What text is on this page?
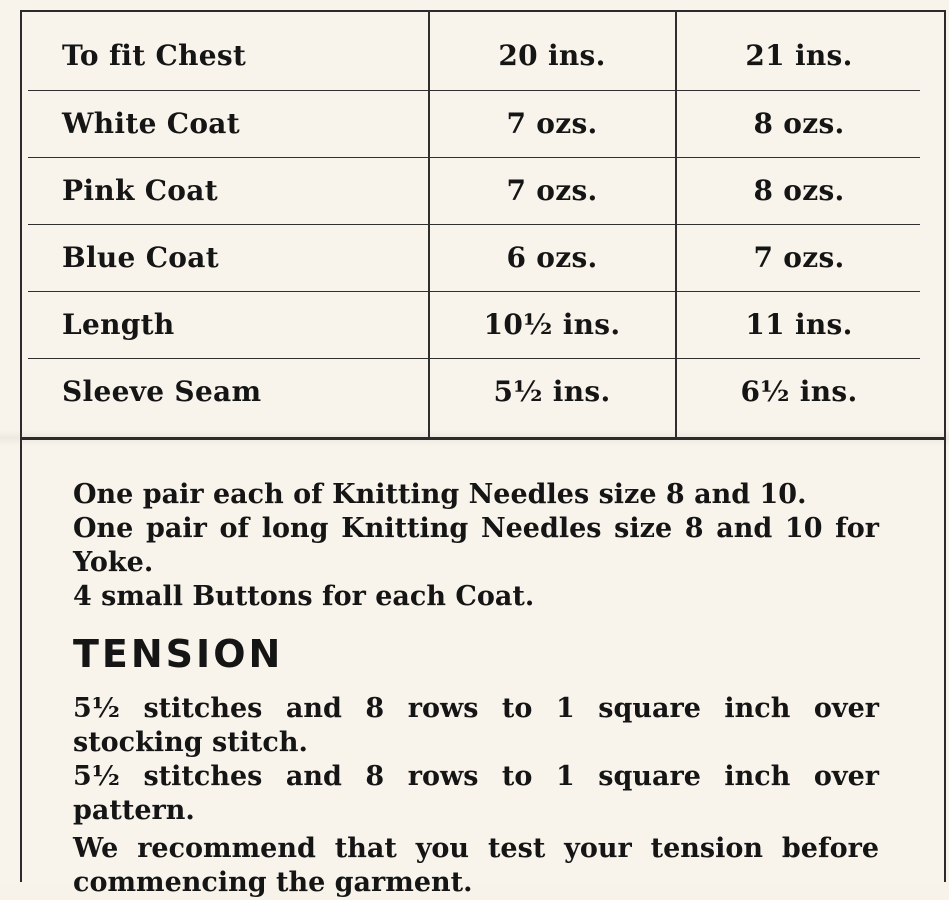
To fit Chest	20 ins.	21 ins.
White Coat	7 ozs.	8 ozs.
Pink Coat	7 ozs.	8 ozs.
Blue Coat	6 ozs.	7 ozs.
Length	10½ ins.	11 ins.
Sleeve Seam	5½ ins.	6½ ins.

One pair each of Knitting Needles size 8 and 10.

One pair of long Knitting Needles size 8 and 10 for Yoke.

4 small Buttons for each Coat.

TENSION

5½ stitches and 8 rows to 1 square inch over stocking stitch.

5½ stitches and 8 rows to 1 square inch over pattern.

We recommend that you test your tension before commencing the garment.
